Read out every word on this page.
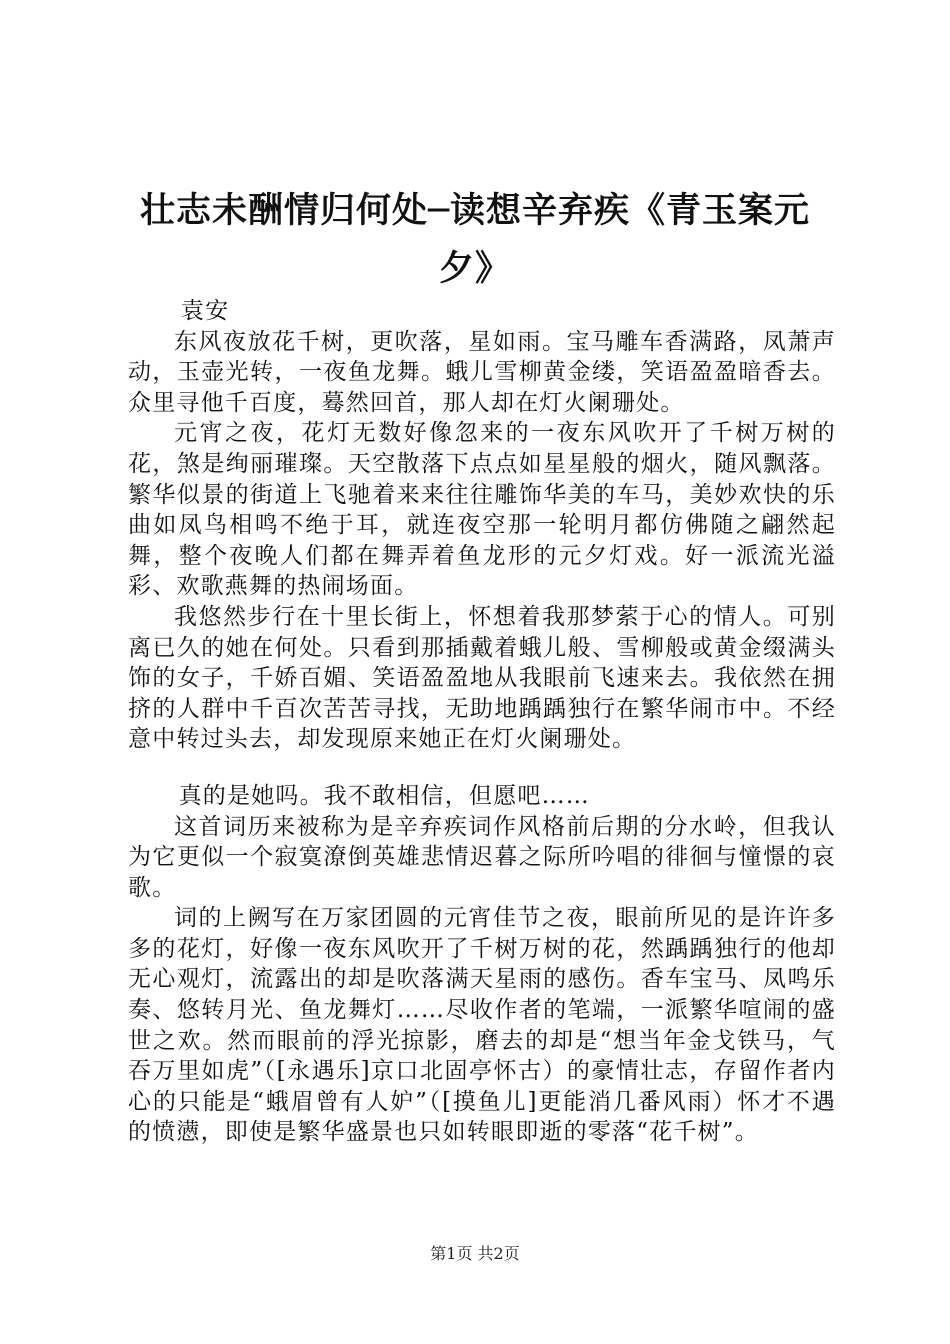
壮志未酬情归何处─读想辛弃疾《青玉案元夕》

袁安

东风夜放花千树，更吹落，星如雨。宝马雕车香满路，凤萧声动，玉壶光转，一夜鱼龙舞。蛾儿雪柳黄金缕，笑语盈盈暗香去。众里寻他千百度，蓦然回首，那人却在灯火阑珊处。

元宵之夜，花灯无数好像忽来的一夜东风吹开了千树万树的花，煞是绚丽璀璨。天空散落下点点如星星般的烟火，随风飘落。繁华似景的街道上飞驰着来来往往雕饰华美的车马，美妙欢快的乐曲如凤鸟相鸣不绝于耳，就连夜空那一轮明月都仿佛随之翩然起舞，整个夜晚人们都在舞弄着鱼龙形的元夕灯戏。好一派流光溢彩、欢歌燕舞的热闹场面。

我悠然步行在十里长街上，怀想着我那梦萦于心的情人。可别离已久的她在何处。只看到那插戴着蛾儿般、雪柳般或黄金缀满头饰的女子，千娇百媚、笑语盈盈地从我眼前飞速来去。我依然在拥挤的人群中千百次苦苦寻找，无助地踽踽独行在繁华闹市中。不经意中转过头去，却发现原来她正在灯火阑珊处。

真的是她吗。我不敢相信，但愿吧……

这首词历来被称为是辛弃疾词作风格前后期的分水岭，但我认为它更似一个寂寞潦倒英雄悲情迟暮之际所吟唱的徘徊与憧憬的哀歌。

词的上阙写在万家团圆的元宵佳节之夜，眼前所见的是许许多多的花灯，好像一夜东风吹开了千树万树的花，然踽踽独行的他却无心观灯，流露出的却是吹落满天星雨的感伤。香车宝马、凤鸣乐奏、悠转月光、鱼龙舞灯……尽收作者的笔端，一派繁华喧闹的盛世之欢。然而眼前的浮光掠影，磨去的却是“想当年金戈铁马，气吞万里如虎”（[永遇乐]京口北固亭怀古）的豪情壮志，存留作者内心的只能是“蛾眉曾有人妒”（[摸鱼儿]更能消几番风雨）怀才不遇的愤懑，即使是繁华盛景也只如转眼即逝的零落“花千树”。

第1页 共2页
